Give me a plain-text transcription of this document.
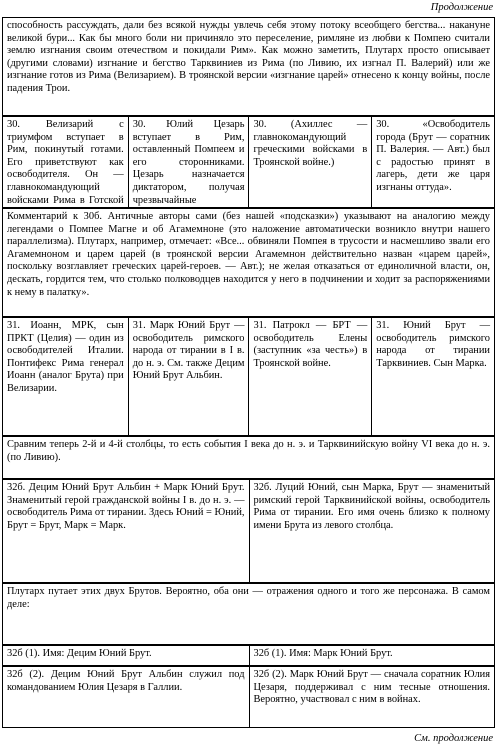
Продолжение
способность рассуждать, дали без всякой нужды увлечь себя этому потоку всеобщего бегства... накануне великой бури... Как бы много боли ни причиняло это переселение, римляне из любви к Помпею считали землю изгнания своим отечеством и покидали Рим». Как можно заметить, Плутарх просто описывает (другими словами) изгнание и бегство Тарквиниев из Рима (по Ливию, их изгнал П. Валерий) или же изгнание готов из Рима (Велизарием). В троянской версии «изгнание царей» отнесено к концу войны, после падения Трои.
30. Велизарий с триумфом вступает в Рим, покинутый готами. Его приветствуют как освободителя. Он — главнокомандующий войсками Рима в Готской
30. Юлий Цезарь вступает в Рим, оставленный Помпеем и его сторонниками. Цезарь назначается диктатором, получая чрезвычайные
30. (Ахиллес — главнокомандующий греческими войсками в Троянской войне.)
30. «Освободитель города (Брут — соратник П. Валерия. — Авт.) был с радостью принят в лагерь, дети же царя изгнаны оттуда».
Комментарий к 30б. Античные авторы сами (без нашей «подсказки») указывают на аналогию между легендами о Помпее Магне и об Агамемноне (это наложение автоматически возникло внутри нашего параллелизма). Плутарх, например, отмечает: «Все... обвиняли Помпея в трусости и насмешливо звали его Агамемноном и царем царей (в троянской версии Агамемнон действительно назван «царем царей», поскольку возглавляет греческих царей-героев. — Авт.); не желая отказаться от единоличной власти, он, дескать, гордится тем, что столько полководцев находится у него в подчинении и ходит за распоряжениями к нему в палатку».
31. Иоанн, МРК, сын ПРКТ (Целия) — один из освободителей Италии. Понтифекс Рима генерал Иоанн (аналог Брута) при Велизарии.
31. Марк Юний Брут — освободитель римского народа от тирании в I в. до н. э. См. также Децим Юний Брут Альбин.
31. Патрокл — БРТ — освободитель Елены (заступник «за честь») в Троянской войне.
31. Юний Брут — освободитель римского народа от тирании Тарквиниев. Сын Марка.
Сравним теперь 2-й и 4-й столбцы, то есть события I века до н. э. и Тарквинийскую войну VI века до н. э. (по Ливию).
32б. Децим Юний Брут Альбин + Марк Юний Брут. Знаменитый герой гражданской войны I в. до н. э. — освободитель Рима от тирании. Здесь Юний = Юний, Брут = Брут, Марк = Марк.
32б. Луций Юний, сын Марка, Брут — знаменитый римский герой Тарквинийской войны, освободитель Рима от тирании. Его имя очень близко к полному имени Брута из левого столбца.
Плутарх путает этих двух Брутов. Вероятно, оба они — отражения одного и того же персонажа. В самом деле:
32б (1). Имя: Децим Юний Брут.	32б (1). Имя: Марк Юний Брут.
32б (2). Децим Юний Брут Альбин служил под командованием Юлия Цезаря в Галлии.
32б (2). Марк Юний Брут — сначала соратник Юлия Цезаря, поддерживал с ним тесные отношения. Вероятно, участвовал с ним в войнах.
См. продолжение
